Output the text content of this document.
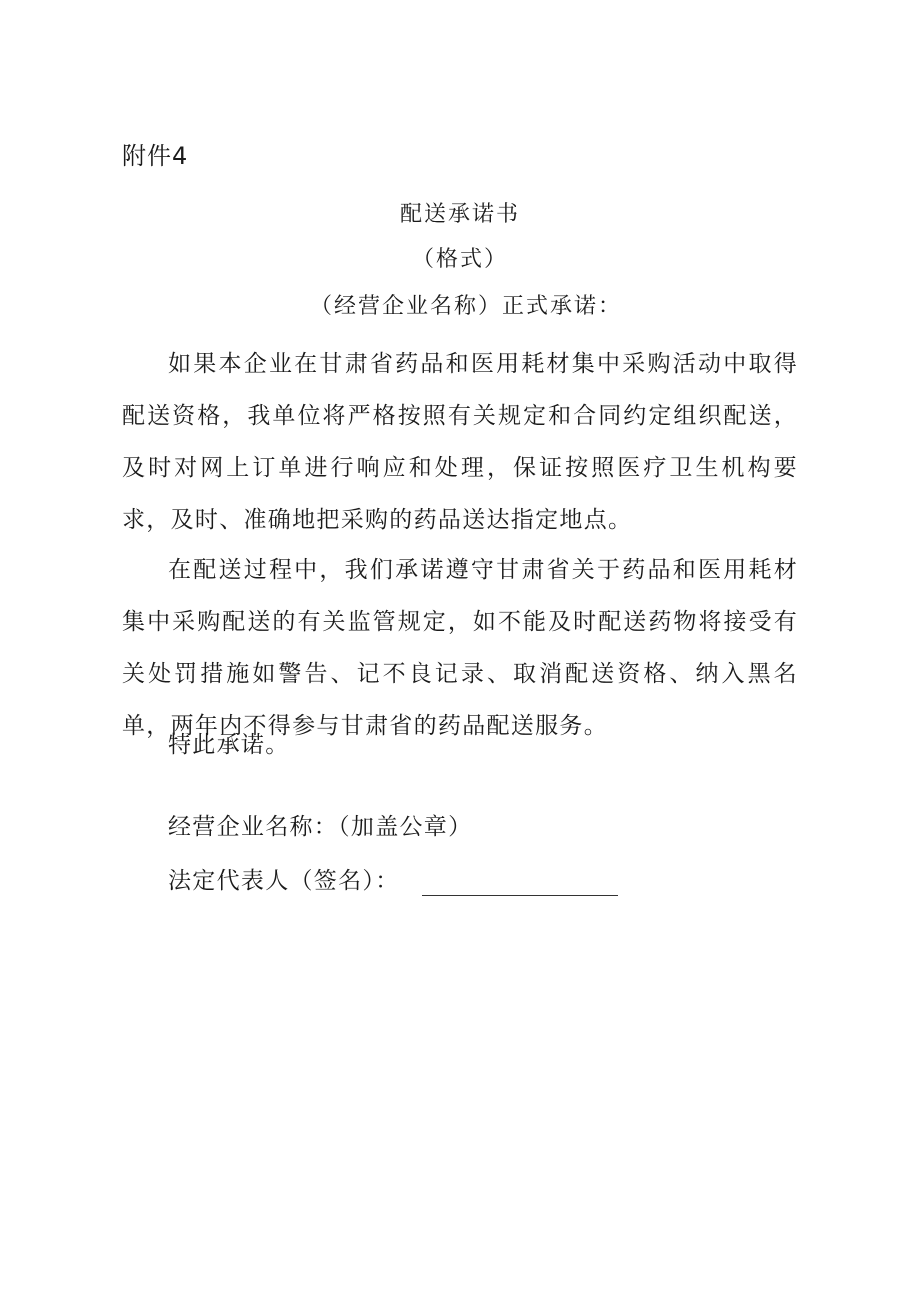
附件4
配送承诺书
（格式）
（经营企业名称）正式承诺：

如果本企业在甘肃省药品和医用耗材集中采购活动中取得配送资格，我单位将严格按照有关规定和合同约定组织配送，及时对网上订单进行响应和处理，保证按照医疗卫生机构要求，及时、准确地把采购的药品送达指定地点。

在配送过程中，我们承诺遵守甘肃省关于药品和医用耗材集中采购配送的有关监管规定，如不能及时配送药物将接受有关处罚措施如警告、记不良记录、取消配送资格、纳入黑名单，两年内不得参与甘肃省的药品配送服务。

特此承诺。
经营企业名称：（加盖公章）
法定代表人（签名）：
